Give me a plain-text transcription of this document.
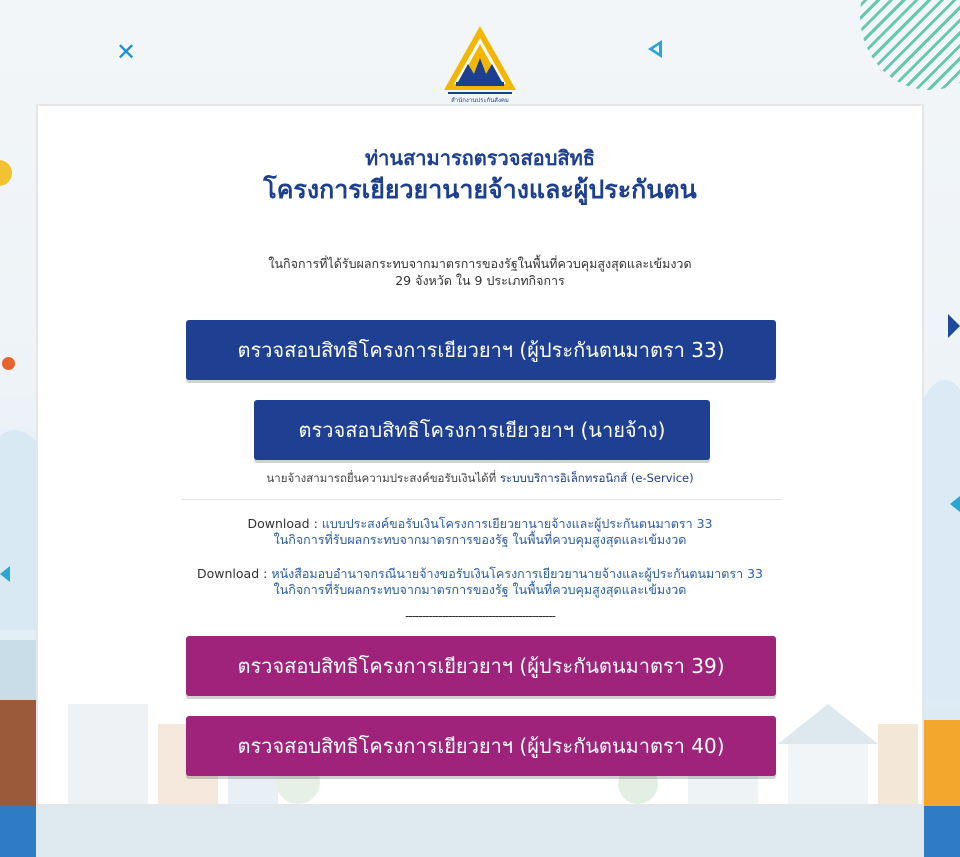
✕
สำนักงานประกันสังคม
ท่านสามารถตรวจสอบสิทธิ
โครงการเยียวยานายจ้างและผู้ประกันตน
ในกิจการที่ได้รับผลกระทบจากมาตรการของรัฐในพื้นที่ควบคุมสูงสุดและเข้มงวด
29 จังหวัด ใน 9 ประเภทกิจการ
ตรวจสอบสิทธิโครงการเยียวยาฯ (ผู้ประกันตนมาตรา 33)
ตรวจสอบสิทธิโครงการเยียวยาฯ (นายจ้าง)
นายจ้างสามารถยื่นความประสงค์ขอรับเงินได้ที่ ระบบบริการอิเล็กทรอนิกส์ (e-Service)
Download : แบบประสงค์ขอรับเงินโครงการเยียวยานายจ้างและผู้ประกันตนมาตรา 33
ในกิจการที่รับผลกระทบจากมาตรการของรัฐ ในพื้นที่ควบคุมสูงสุดและเข้มงวด
Download : หนังสือมอบอำนาจกรณีนายจ้างขอรับเงินโครงการเยียวยานายจ้างและผู้ประกันตนมาตรา 33
ในกิจการที่รับผลกระทบจากมาตรการของรัฐ ในพื้นที่ควบคุมสูงสุดและเข้มงวด
---------------------------------------------
ตรวจสอบสิทธิโครงการเยียวยาฯ (ผู้ประกันตนมาตรา 39)
ตรวจสอบสิทธิโครงการเยียวยาฯ (ผู้ประกันตนมาตรา 40)
